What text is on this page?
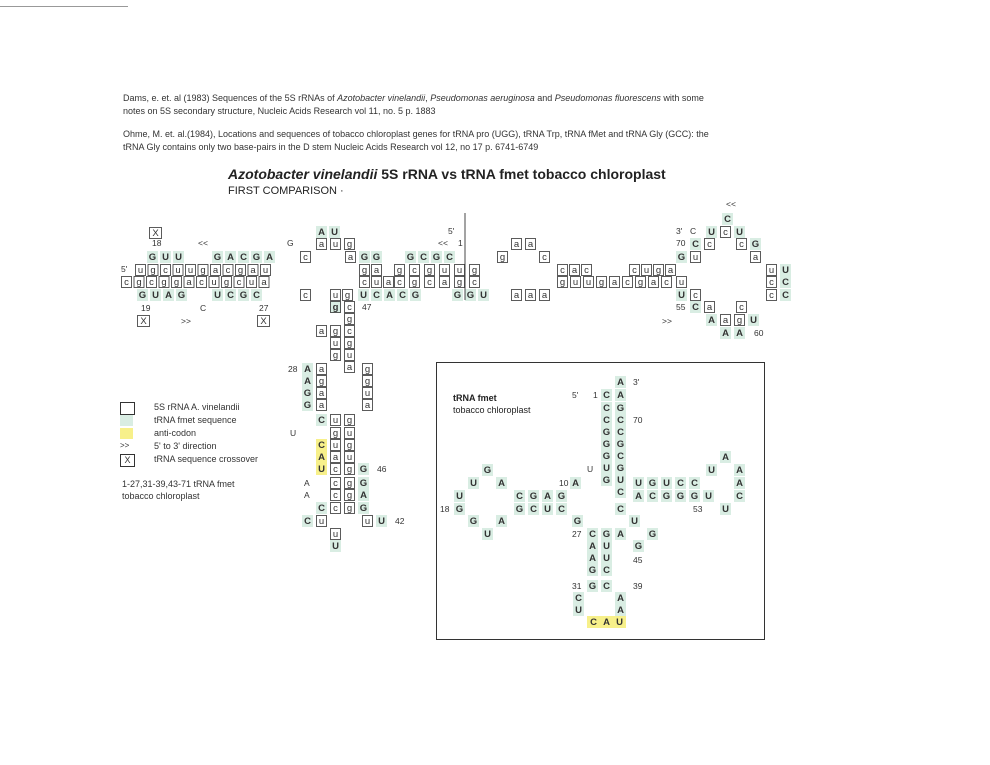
Dams, e. et. al (1983) Sequences of the 5S rRNAs of Azotobacter vinelandii, Pseudomonas aeruginosa and Pseudomonas fluorescens with some
notes on 5S secondary structure, Nucleic Acids Research vol 11, no. 5 p. 1883
Ohme, M. et. al.(1984), Locations and sequences of tobacco chloroplast genes for tRNA pro (UGG), tRNA Trp, tRNA fMet and tRNA Gly (GCC): the
tRNA Gly contains only two base-pairs in the D stem Nucleic Acids Research vol 12, no 17 p. 6741-6749
Azotobacter vinelandii 5S rRNA vs tRNA fmet tobacco chloroplast
FIRST COMPARISON ·
X
X	X
G U U	G A C G A
G U A G	U C G C
u g c u u g a c g a u
c g c g g a c u g c u a
c
c
A U
a u g
a G G	G C G C
g a g c g u u g
c u a c g c a g c
u g U C A C G	G G U
g c
g
c
g
u
a
a g
u
g
A
A
G
G
a
g
a
a
g
g
u
a
C u g
g u
C u g
A a u
U c g G
c g G
c g A
C c g G
C u	u U
u
U
a a
g	c
a a a
c a c	c u g a
g u u g a c g a c u
C
U c U
C c	c G
G u	a
u U
c C
c C
U c
C a	c
A a g U
A A
C A
A
G
C
C
G
C
G
U
C
C
C
G
G
G
U
G
A
G
U A
U
G
G A
U
C G A G
G C U C
G
U G U C C
A C G G G U
A
U A
A
C
U
C
U
C G A	G
A
A
G
U
U
C
G
G C
C	A
U	A
C A U
18	<<	G
19	C	27
>>
5'
5'
<< 1
47
28
U
46
A
A
42
<<
3' C
70
55
>>
60
5' 1
3'
70
U
10
18	53
27
45
31	39
5S rRNA A. vinelandii
tRNA fmet sequence
anti-codon
>>	5' to 3' direction
X	tRNA sequence crossover
1-27,31-39,43-71 tRNA fmet
tobacco chloroplast
tRNA fmet
tobacco chloroplast
